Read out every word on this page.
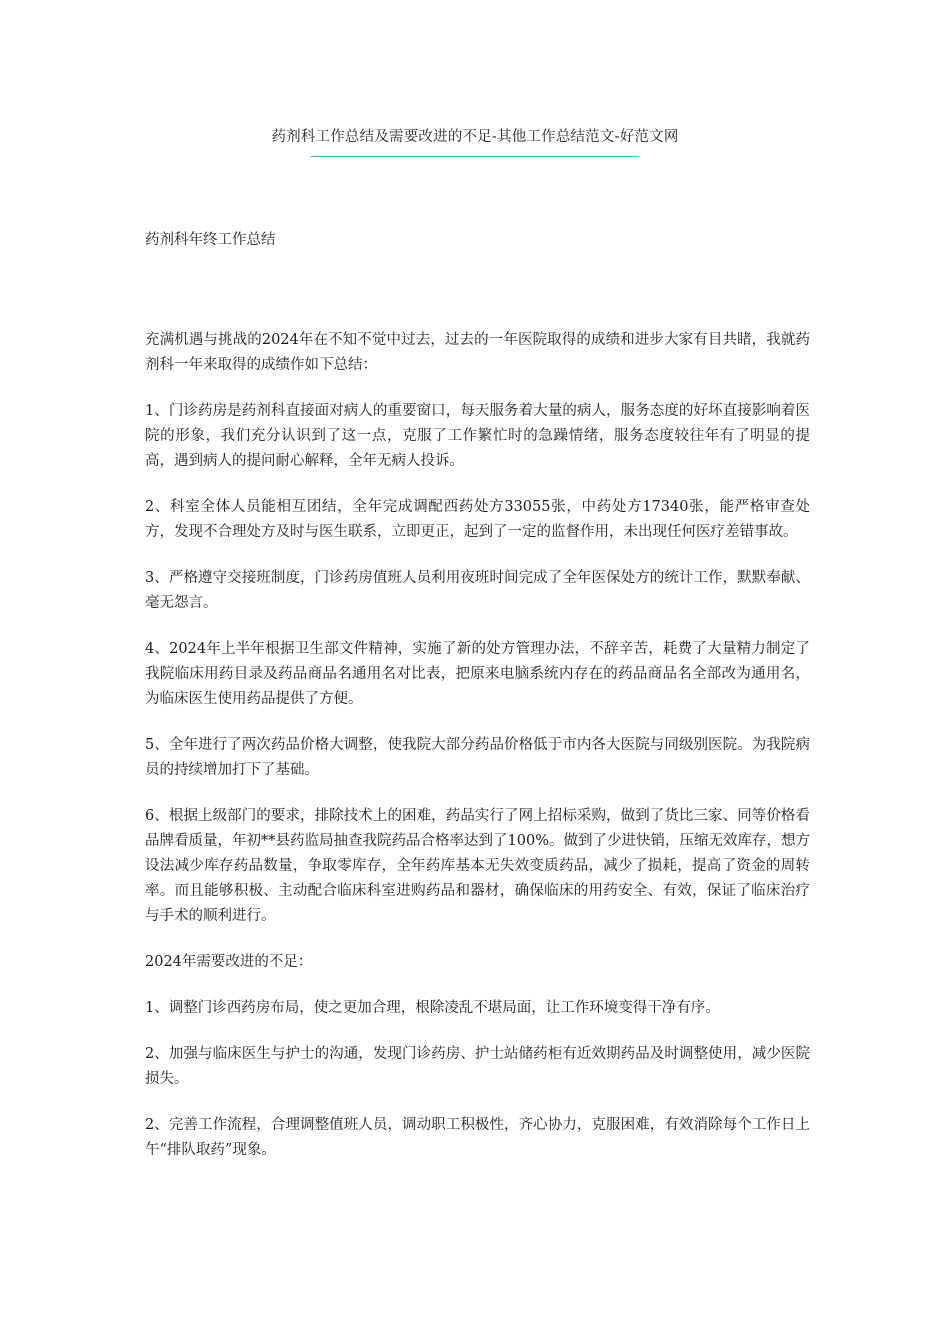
药剂科工作总结及需要改进的不足-其他工作总结范文-好范文网
——————————————————————————————————————————
药剂科年终工作总结

充满机遇与挑战的2024年在不知不觉中过去，过去的一年医院取得的成绩和进步大家有目共睹，我就药剂科一年来取得的成绩作如下总结：

1、门诊药房是药剂科直接面对病人的重要窗口，每天服务着大量的病人，服务态度的好坏直接影响着医院的形象，我们充分认识到了这一点，克服了工作繁忙时的急躁情绪，服务态度较往年有了明显的提高，遇到病人的提问耐心解释，全年无病人投诉。

2、科室全体人员能相互团结，全年完成调配西药处方33055张，中药处方17340张，能严格审查处方，发现不合理处方及时与医生联系，立即更正，起到了一定的监督作用，未出现任何医疗差错事故。

3、严格遵守交接班制度，门诊药房值班人员利用夜班时间完成了全年医保处方的统计工作，默默奉献、毫无怨言。

4、2024年上半年根据卫生部文件精神，实施了新的处方管理办法，不辞辛苦，耗费了大量精力制定了我院临床用药目录及药品商品名通用名对比表，把原来电脑系统内存在的药品商品名全部改为通用名，为临床医生使用药品提供了方便。

5、全年进行了两次药品价格大调整，使我院大部分药品价格低于市内各大医院与同级别医院。为我院病员的持续增加打下了基础。

6、根据上级部门的要求，排除技术上的困难，药品实行了网上招标采购，做到了货比三家、同等价格看品牌看质量，年初**县药监局抽查我院药品合格率达到了100%。做到了少进快销，压缩无效库存，想方设法减少库存药品数量，争取零库存，全年药库基本无失效变质药品，减少了损耗，提高了资金的周转率。而且能够积极、主动配合临床科室进购药品和器材，确保临床的用药安全、有效，保证了临床治疗与手术的顺利进行。

2024年需要改进的不足：

1、调整门诊西药房布局，使之更加合理，根除凌乱不堪局面，让工作环境变得干净有序。

2、加强与临床医生与护士的沟通，发现门诊药房、护士站储药柜有近效期药品及时调整使用，减少医院损失。

2、完善工作流程，合理调整值班人员，调动职工积极性，齐心协力，克服困难，有效消除每个工作日上午“排队取药”现象。
